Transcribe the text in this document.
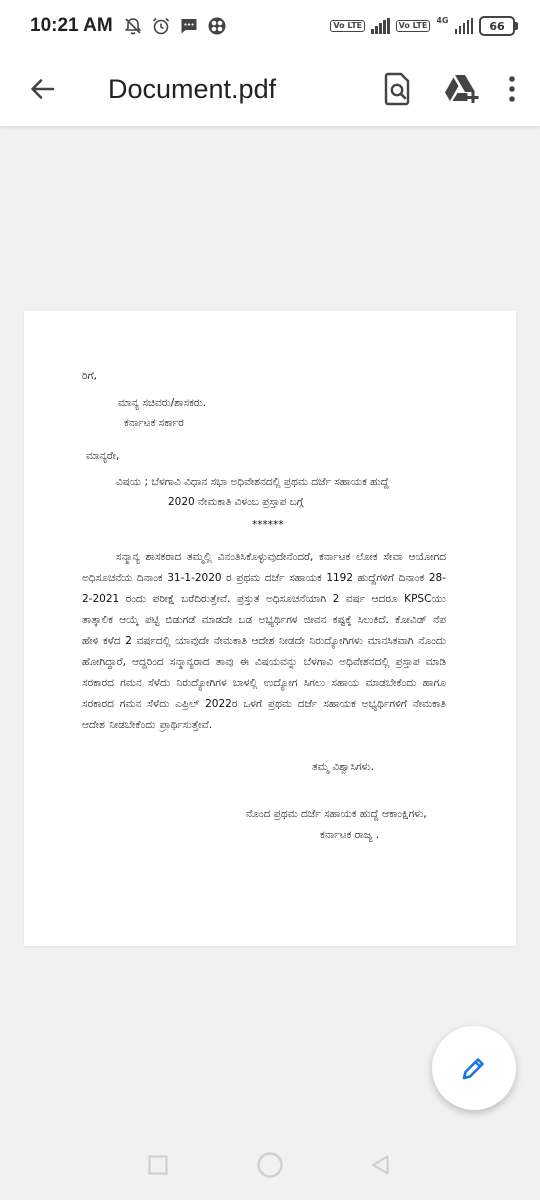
10:21 AM	Vo LTE	Vo LTE
4G	66
Document.pdf
ರಿಗೆ,
ಮಾನ್ಯ ಸಚಿವರು/ಶಾಸಕರು.
ಕರ್ನಾಟಕ ಸರ್ಕಾರ
ಮಾನ್ಯರೇ,
ವಿಷಯ ; ಬೆಳಗಾವಿ ವಿಧಾನ ಸಭಾ ಅಧಿವೇಶನದಲ್ಲಿ ಪ್ರಥಮ ದರ್ಜೆ ಸಹಾಯಕ ಹುದ್ದೆ
2020 ನೇಮಕಾತಿ ವಿಳಂಬ ಪ್ರಸ್ತಾಪ ಬಗ್ಗೆ
******
ಸನ್ಮಾನ್ಯ ಶಾಸಕರಾದ ತಮ್ಮಲ್ಲಿ ವಿನಂತಿಸಿಕೊಳ್ಳುವುದೇನೆಂದರೆ, ಕರ್ನಾಟಕ ಲೋಕ ಸೇವಾ ಆಯೋಗದ ಅಧಿಸೂಚನೆಯ ದಿನಾಂಕ 31-1-2020 ರ ಪ್ರಥಮ ದರ್ಜೆ ಸಹಾಯಕ 1192 ಹುದ್ದೆಗಳಿಗೆ ದಿನಾಂಕ 28-2-2021 ರಂದು ಪರೀಕ್ಷೆ ಬರೆದಿರುತ್ತೇವೆ. ಪ್ರಸ್ತುತ ಅಧಿಸೂಚನೆಯಾಗಿ 2 ವರ್ಷ ಆದರೂ KPSCಯು ತಾತ್ಕಾಲಿಕ ಆಯ್ಕೆ ಪಟ್ಟಿ ಬಿಡುಗಡೆ ಮಾಡದೇ ಬಡ ಅಭ್ಯರ್ಥಿಗಳ ಜೀವನ ಕಷ್ಟಕ್ಕೆ ಸಿಲುಕಿದೆ. ಕೋವಿಡ್ ನೆಪ ಹೇಳಿ ಕಳೆದ 2 ವರ್ಷದಲ್ಲಿ ಯಾವುದೇ ನೇಮಕಾತಿ ಆದೇಶ ನೀಡದೇ ನಿರುದ್ಯೋಗಿಗಳು ಮಾನಸಿಕವಾಗಿ ನೊಂದು ಹೋಗಿದ್ದಾರೆ, ಆದ್ದರಿಂದ ಸನ್ಮಾನ್ಯರಾದ ತಾವು ಈ ವಿಷಯವನ್ನು ಬೆಳಗಾವಿ ಅಧಿವೇಶನದಲ್ಲಿ ಪ್ರಸ್ತಾಪ ಮಾಡಿ ಸರಕಾರದ ಗಮನ ಸೆಳೆದು ನಿರುದ್ಯೋಗಿಗಳ ಬಾಳಲ್ಲಿ ಉದ್ಯೋಗ ಸಿಗಲು ಸಹಾಯ ಮಾಡಬೇಕೆಂದು ಹಾಗೂ ಸರಕಾರದ ಗಮನ ಸೆಳೆದು ಎಪ್ರಿಲ್ 2022ರ ಒಳಗೆ ಪ್ರಥಮ ದರ್ಜೆ ಸಹಾಯಕ ಅಭ್ಯರ್ಥಿಗಳಿಗೆ ನೇಮಕಾತಿ ಆದೇಶ ನೀಡಬೇಕೆಂದು ಪ್ರಾರ್ಥಿಸುತ್ತೇವೆ.
ತಮ್ಮ ವಿಶ್ವಾಸಿಗಳು.
ನೊಂದ ಪ್ರಥಮ ದರ್ಜೆ ಸಹಾಯಕ ಹುದ್ದೆ ಆಕಾಂಕ್ಷಿಗಳು,
ಕರ್ನಾಟಕ ರಾಜ್ಯ .
